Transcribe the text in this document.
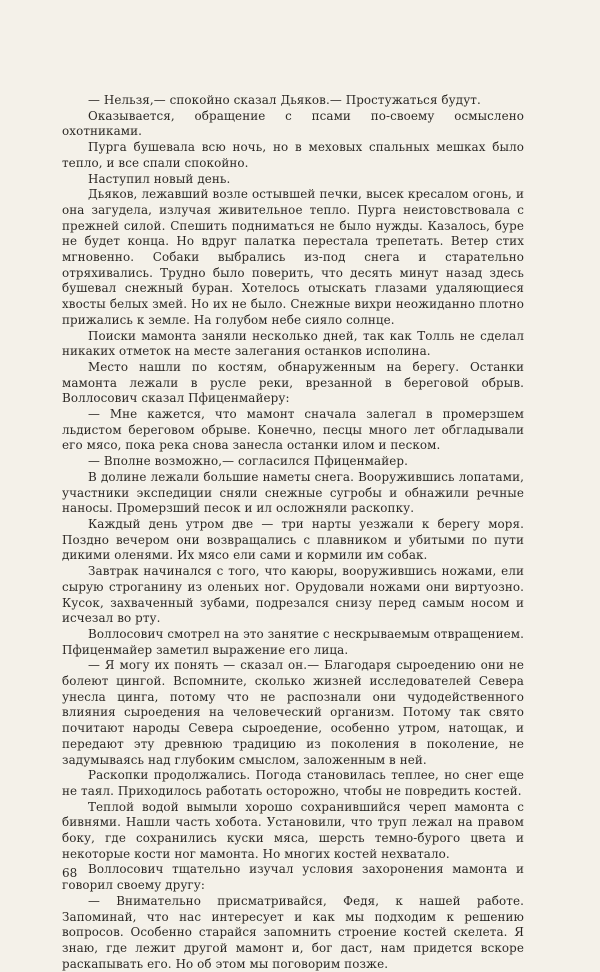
— Нельзя,— спокойно сказал Дьяков.— Простужаться будут.

Оказывается, обращение с псами по-своему осмыслено охотниками.

Пурга бушевала всю ночь, но в меховых спальных мешках было тепло, и все спали спокойно.

Наступил новый день.

Дьяков, лежавший возле остывшей печки, высек кресалом огонь, и она загудела, излучая живительное тепло. Пурга неистовствовала с прежней силой. Спешить подниматься не было нужды. Казалось, буре не будет конца. Но вдруг палатка перестала трепетать. Ветер стих мгновенно. Собаки выбрались из-под снега и старательно отряхивались. Трудно было поверить, что десять минут назад здесь бушевал снежный буран. Хотелось отыскать глазами удаляющиеся хвосты белых змей. Но их не было. Снежные вихри неожиданно плотно прижались к земле. На голубом небе сияло солнце.

Поиски мамонта заняли несколько дней, так как Толль не сделал никаких отметок на месте залегания останков исполина.

Место нашли по костям, обнаруженным на берегу. Останки мамонта лежали в русле реки, врезанной в береговой обрыв. Воллосович сказал Пфиценмайеру:

— Мне кажется, что мамонт сначала залегал в промерзшем льдистом береговом обрыве. Конечно, песцы много лет обгладывали его мясо, пока река снова занесла останки илом и песком.

— Вполне возможно,— согласился Пфиценмайер.

В долине лежали большие наметы снега. Вооружившись лопатами, участники экспедиции сняли снежные сугробы и обнажили речные наносы. Промерзший песок и ил осложняли раскопку.

Каждый день утром две — три нарты уезжали к берегу моря. Поздно вечером они возвращались с плавником и убитыми по пути дикими оленями. Их мясо ели сами и кормили им собак.

Завтрак начинался с того, что каюры, вооружившись ножами, ели сырую строганину из оленьих ног. Орудовали ножами они виртуозно. Кусок, захваченный зубами, подрезался снизу перед самым носом и исчезал во рту.

Воллосович смотрел на это занятие с нескрываемым отвращением. Пфиценмайер заметил выражение его лица.

— Я могу их понять — сказал он.— Благодаря сыроедению они не болеют цингой. Вспомните, сколько жизней исследователей Севера унесла цинга, потому что не распознали они чудодейственного влияния сыроедения на человеческий организм. Потому так свято почитают народы Севера сыроедение, особенно утром, натощак, и передают эту древнюю традицию из поколения в поколение, не задумываясь над глубоким смыслом, заложенным в ней.

Раскопки продолжались. Погода становилась теплее, но снег еще не таял. Приходилось работать осторожно, чтобы не повредить костей.

Теплой водой вымыли хорошо сохранившийся череп мамонта с бивнями. Нашли часть хобота. Установили, что труп лежал на правом боку, где сохранились куски мяса, шерсть темно-бурого цвета и некоторые кости ног мамонта. Но многих костей нехватало.

Воллосович тщательно изучал условия захоронения мамонта и говорил своему другу:

— Внимательно присматривайся, Федя, к нашей работе. Запоминай, что нас интересует и как мы подходим к решению вопросов. Особенно старайся запомнить строение костей скелета. Я знаю, где лежит другой мамонт и, бог даст, нам придется вскоре раскапывать его. Но об этом мы поговорим позже.

68
